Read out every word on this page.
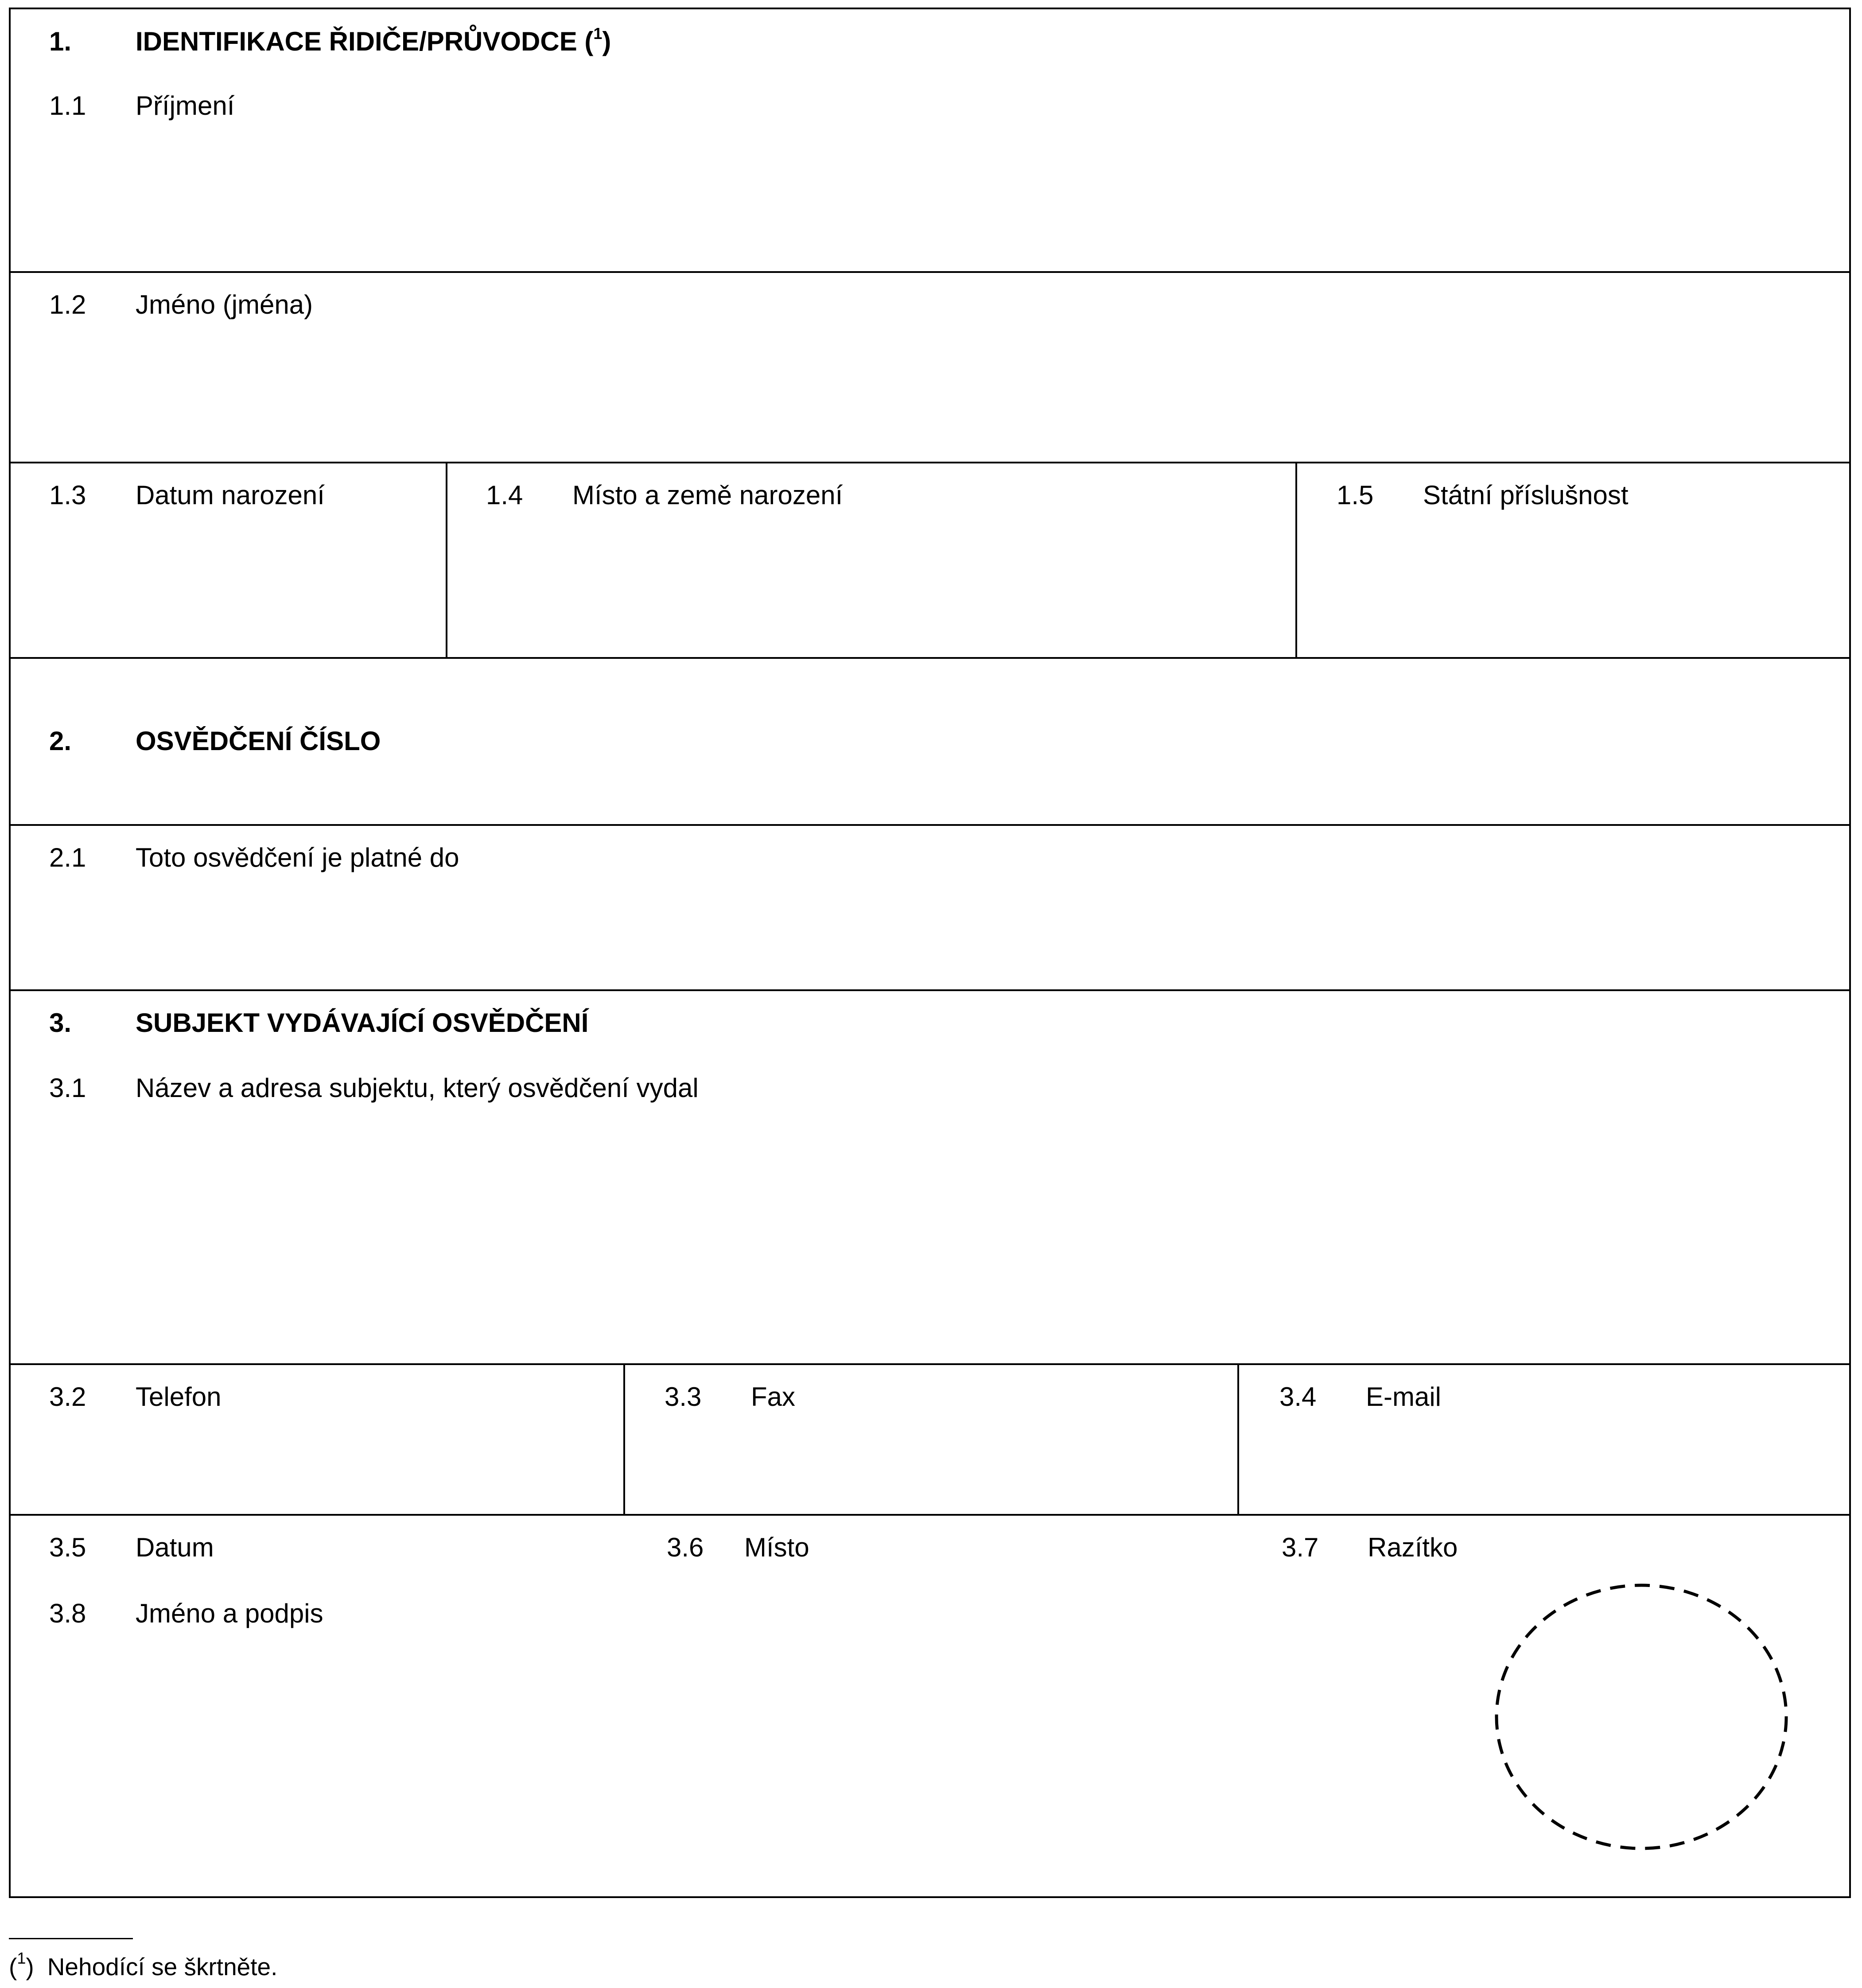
1. IDENTIFIKACE ŘIDIČE/PRŮVODCE ($^1$)
1.1 Příjmení
1.2 Jméno (jména)
1.3 Datum narození	1.4 Místo a země narození	1.5 Státní příslušnost
2. OSVĚDČENÍ ČÍSLO
2.1 Toto osvědčení je platné do
3. SUBJEKT VYDÁVAJÍCÍ OSVĚDČENÍ
3.1 Název a adresa subjektu, který osvědčení vydal
3.2 Telefon	3.3 Fax	3.4 E-mail
3.5 Datum	3.6 Místo	3.7 Razítko
3.8 Jméno a podpis
($^1$) Nehodící se škrtněte.
